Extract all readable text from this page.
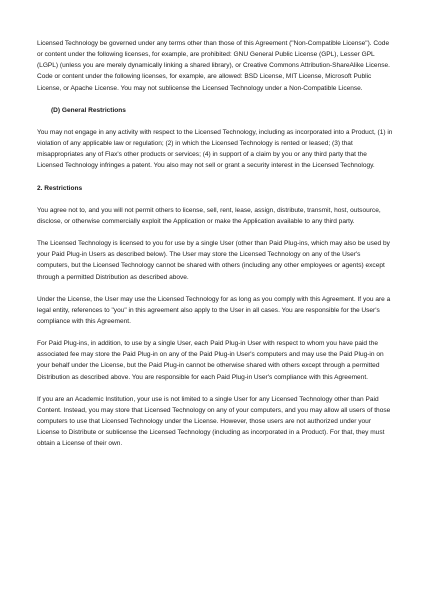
Licensed Technology be governed under any terms other than those of this Agreement ("Non-Compatible License"). Code or content under the following licenses, for example, are prohibited: GNU General Public License (GPL), Lesser GPL (LGPL) (unless you are merely dynamically linking a shared library), or Creative Commons Attribution-ShareAlike License. Code or content under the following licenses, for example, are allowed: BSD License, MIT License, Microsoft Public License, or Apache License. You may not sublicense the Licensed Technology under a Non-Compatible License.

(D) General Restrictions

You may not engage in any activity with respect to the Licensed Technology, including as incorporated into a Product, (1) in violation of any applicable law or regulation; (2) in which the Licensed Technology is rented or leased; (3) that misappropriates any of Flax's other products or services; (4) in support of a claim by you or any third party that the Licensed Technology infringes a patent. You also may not sell or grant a security interest in the Licensed Technology.

2. Restrictions

You agree not to, and you will not permit others to license, sell, rent, lease, assign, distribute, transmit, host, outsource, disclose, or otherwise commercially exploit the Application or make the Application available to any third party.

The Licensed Technology is licensed to you for use by a single User (other than Paid Plug-ins, which may also be used by your Paid Plug-in Users as described below). The User may store the Licensed Technology on any of the User's computers, but the Licensed Technology cannot be shared with others (including any other employees or agents) except through a permitted Distribution as described above.

Under the License, the User may use the Licensed Technology for as long as you comply with this Agreement. If you are a legal entity, references to "you" in this agreement also apply to the User in all cases. You are responsible for the User's compliance with this Agreement.

For Paid Plug-ins, in addition, to use by a single User, each Paid Plug-in User with respect to whom you have paid the associated fee may store the Paid Plug-in on any of the Paid Plug-in User's computers and may use the Paid Plug-in on your behalf under the License, but the Paid Plug-in cannot be otherwise shared with others except through a permitted Distribution as described above. You are responsible for each Paid Plug-in User's compliance with this Agreement.

If you are an Academic Institution, your use is not limited to a single User for any Licensed Technology other than Paid Content. Instead, you may store that Licensed Technology on any of your computers, and you may allow all users of those computers to use that Licensed Technology under the License. However, those users are not authorized under your License to Distribute or sublicense the Licensed Technology (including as incorporated in a Product). For that, they must obtain a License of their own.
